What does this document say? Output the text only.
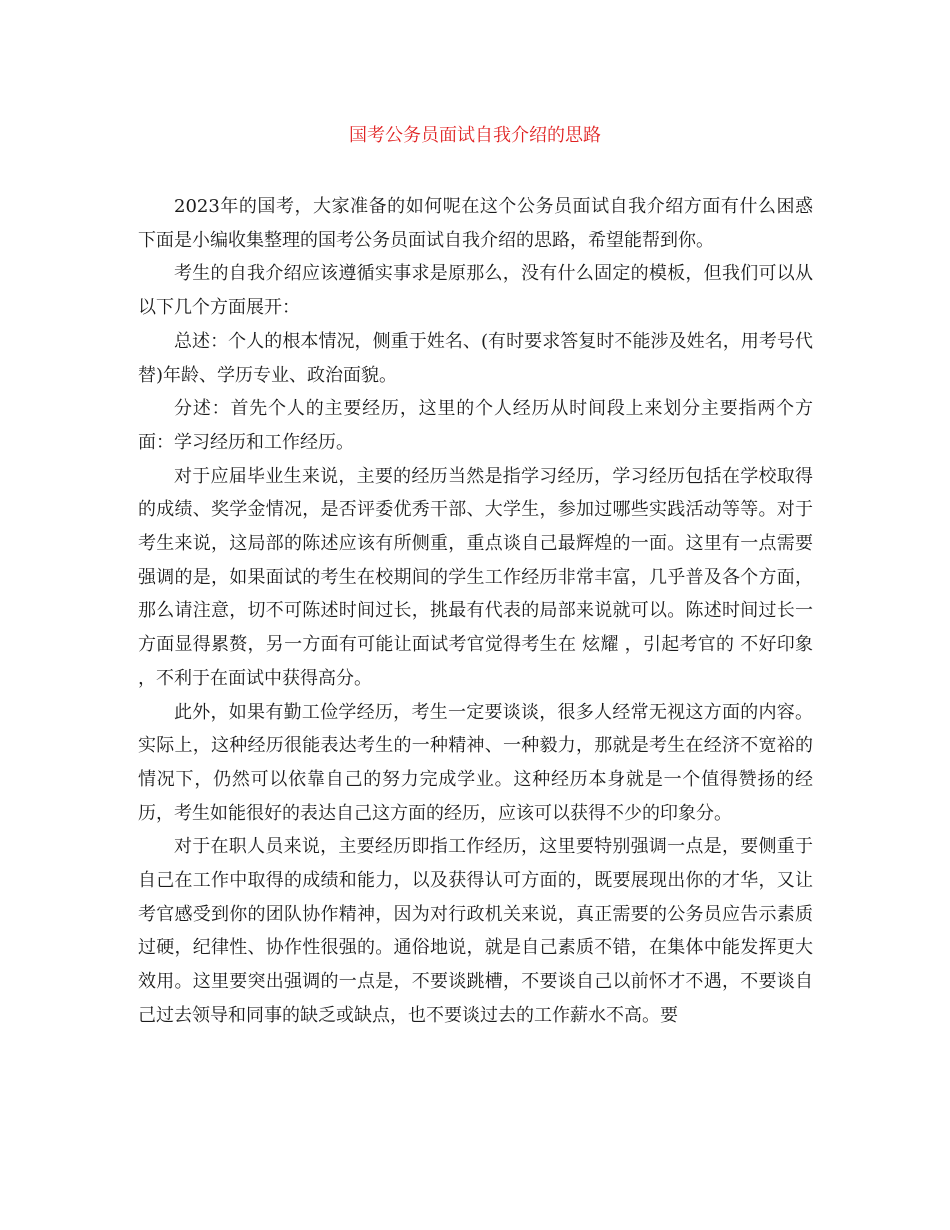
国考公务员面试自我介绍的思路

2023年的国考，大家准备的如何呢在这个公务员面试自我介绍方面有什么困惑下面是小编收集整理的国考公务员面试自我介绍的思路，希望能帮到你。

考生的自我介绍应该遵循实事求是原那么，没有什么固定的模板，但我们可以从以下几个方面展开：

总述：个人的根本情况，侧重于姓名、(有时要求答复时不能涉及姓名，用考号代替)年龄、学历专业、政治面貌。

分述：首先个人的主要经历，这里的个人经历从时间段上来划分主要指两个方面：学习经历和工作经历。

对于应届毕业生来说，主要的经历当然是指学习经历，学习经历包括在学校取得的成绩、奖学金情况，是否评委优秀干部、大学生，参加过哪些实践活动等等。对于考生来说，这局部的陈述应该有所侧重，重点谈自己最辉煌的一面。这里有一点需要强调的是，如果面试的考生在校期间的学生工作经历非常丰富，几乎普及各个方面，那么请注意，切不可陈述时间过长，挑最有代表的局部来说就可以。陈述时间过长一方面显得累赘，另一方面有可能让面试考官觉得考生在 炫耀 ，引起考官的 不好印象 ，不利于在面试中获得高分。

此外，如果有勤工俭学经历，考生一定要谈谈，很多人经常无视这方面的内容。实际上，这种经历很能表达考生的一种精神、一种毅力，那就是考生在经济不宽裕的情况下，仍然可以依靠自己的努力完成学业。这种经历本身就是一个值得赞扬的经历，考生如能很好的表达自己这方面的经历，应该可以获得不少的印象分。

对于在职人员来说，主要经历即指工作经历，这里要特别强调一点是，要侧重于自己在工作中取得的成绩和能力，以及获得认可方面的，既要展现出你的才华，又让考官感受到你的团队协作精神，因为对行政机关来说，真正需要的公务员应告示素质过硬，纪律性、协作性很强的。通俗地说，就是自己素质不错，在集体中能发挥更大效用。这里要突出强调的一点是，不要谈跳槽，不要谈自己以前怀才不遇，不要谈自己过去领导和同事的缺乏或缺点，也不要谈过去的工作薪水不高。要
